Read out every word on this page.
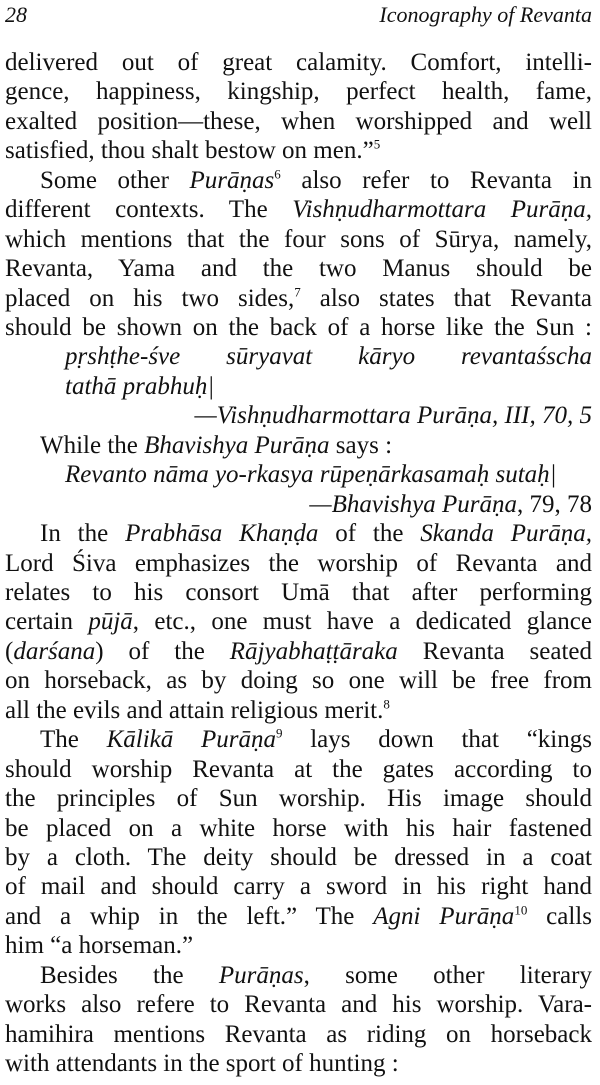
28	Iconography of Revanta
delivered out of great calamity. Comfort, intelli-
gence, happiness, kingship, perfect health, fame,
exalted position—these, when worshipped and well
satisfied, thou shalt bestow on men.”$^5$
Some other Purāṇas$^6$ also refer to Revanta in
different contexts. The Vishṇudharmottara Purāṇa,
which mentions that the four sons of Sūrya, namely,
Revanta, Yama and the two Manus should be
placed on his two sides,$^7$ also states that Revanta
should be shown on the back of a horse like the Sun :
pṛshṭhe-śve sūryavat kāryo revantaśscha
tathā prabhuḥ|
—Vishṇudharmottara Purāṇa, III, 70, 5
While the Bhavishya Purāṇa says :
Revanto nāma yo-rkasya rūpeṇārkasamaḥ sutaḥ|
—Bhavishya Purāṇa, 79, 78
In the Prabhāsa Khaṇḍa of the Skanda Purāṇa,
Lord Śiva emphasizes the worship of Revanta and
relates to his consort Umā that after performing
certain pūjā, etc., one must have a dedicated glance
(darśana) of the Rājyabhaṭṭāraka Revanta seated
on horseback, as by doing so one will be free from
all the evils and attain religious merit.$^8$
The Kālikā Purāṇa$^9$ lays down that “kings
should worship Revanta at the gates according to
the principles of Sun worship. His image should
be placed on a white horse with his hair fastened
by a cloth. The deity should be dressed in a coat
of mail and should carry a sword in his right hand
and a whip in the left.” The Agni Purāṇa$^{10}$ calls
him “a horseman.”
Besides the Purāṇas, some other literary
works also refere to Revanta and his worship. Vara-
hamihira mentions Revanta as riding on horseback
with attendants in the sport of hunting :
